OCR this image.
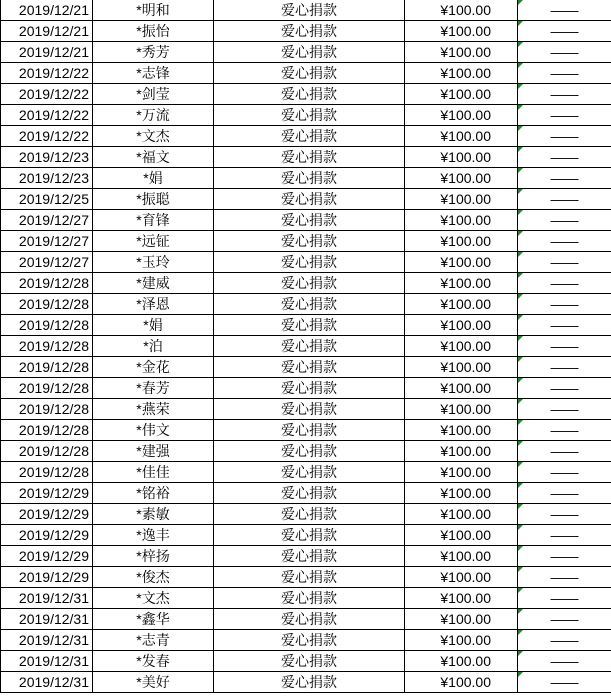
2019/12/21	*明和	爱心捐款	¥100.00	——
2019/12/21	*振怡	爱心捐款	¥100.00	——
2019/12/21	*秀芳	爱心捐款	¥100.00	——
2019/12/22	*志锋	爱心捐款	¥100.00	——
2019/12/22	*剑莹	爱心捐款	¥100.00	——
2019/12/22	*万流	爱心捐款	¥100.00	——
2019/12/22	*文杰	爱心捐款	¥100.00	——
2019/12/23	*福文	爱心捐款	¥100.00	——
2019/12/23	*娟	爱心捐款	¥100.00	——
2019/12/25	*振聪	爱心捐款	¥100.00	——
2019/12/27	*育锋	爱心捐款	¥100.00	——
2019/12/27	*远钲	爱心捐款	¥100.00	——
2019/12/27	*玉玲	爱心捐款	¥100.00	——
2019/12/28	*建威	爱心捐款	¥100.00	——
2019/12/28	*泽恩	爱心捐款	¥100.00	——
2019/12/28	*娟	爱心捐款	¥100.00	——
2019/12/28	*泊	爱心捐款	¥100.00	——
2019/12/28	*金花	爱心捐款	¥100.00	——
2019/12/28	*春芳	爱心捐款	¥100.00	——
2019/12/28	*燕荣	爱心捐款	¥100.00	——
2019/12/28	*伟文	爱心捐款	¥100.00	——
2019/12/28	*建强	爱心捐款	¥100.00	——
2019/12/28	*佳佳	爱心捐款	¥100.00	——
2019/12/29	*铭裕	爱心捐款	¥100.00	——
2019/12/29	*素敏	爱心捐款	¥100.00	——
2019/12/29	*逸丰	爱心捐款	¥100.00	——
2019/12/29	*梓扬	爱心捐款	¥100.00	——
2019/12/29	*俊杰	爱心捐款	¥100.00	——
2019/12/31	*文杰	爱心捐款	¥100.00	——
2019/12/31	*鑫华	爱心捐款	¥100.00	——
2019/12/31	*志青	爱心捐款	¥100.00	——
2019/12/31	*发春	爱心捐款	¥100.00	——
2019/12/31	*美好	爱心捐款	¥100.00	——
